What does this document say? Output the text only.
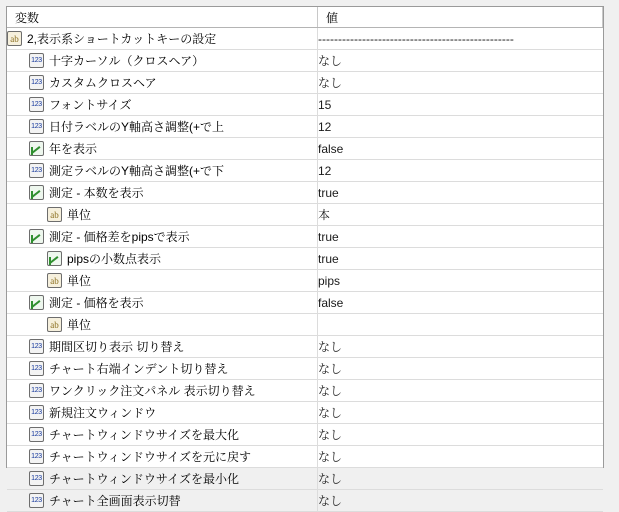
変数	値

ab
2,表示系ショートカットキーの設定	-------------------------------------------------

123
十字カーソル（クロスヘア）	なし

123
カスタムクロスヘア	なし

123
フォントサイズ	15

123
日付ラベルのY軸高さ調整(+で上	12

年を表示	false

123
測定ラベルのY軸高さ調整(+で下	12

測定 - 本数を表示	true

ab
単位	本

測定 - 価格差をpipsで表示	true

pipsの小数点表示	true

ab
単位	pips

測定 - 価格を表示	false

ab
単位

123
期間区切り表示 切り替え	なし

123
チャート右端インデント切り替え	なし

123
ワンクリック注文パネル 表示切り替え	なし

123
新規注文ウィンドウ	なし

123
チャートウィンドウサイズを最大化	なし

123
チャートウィンドウサイズを元に戻す	なし

123
チャートウィンドウサイズを最小化	なし

123
チャート全画面表示切替	なし
